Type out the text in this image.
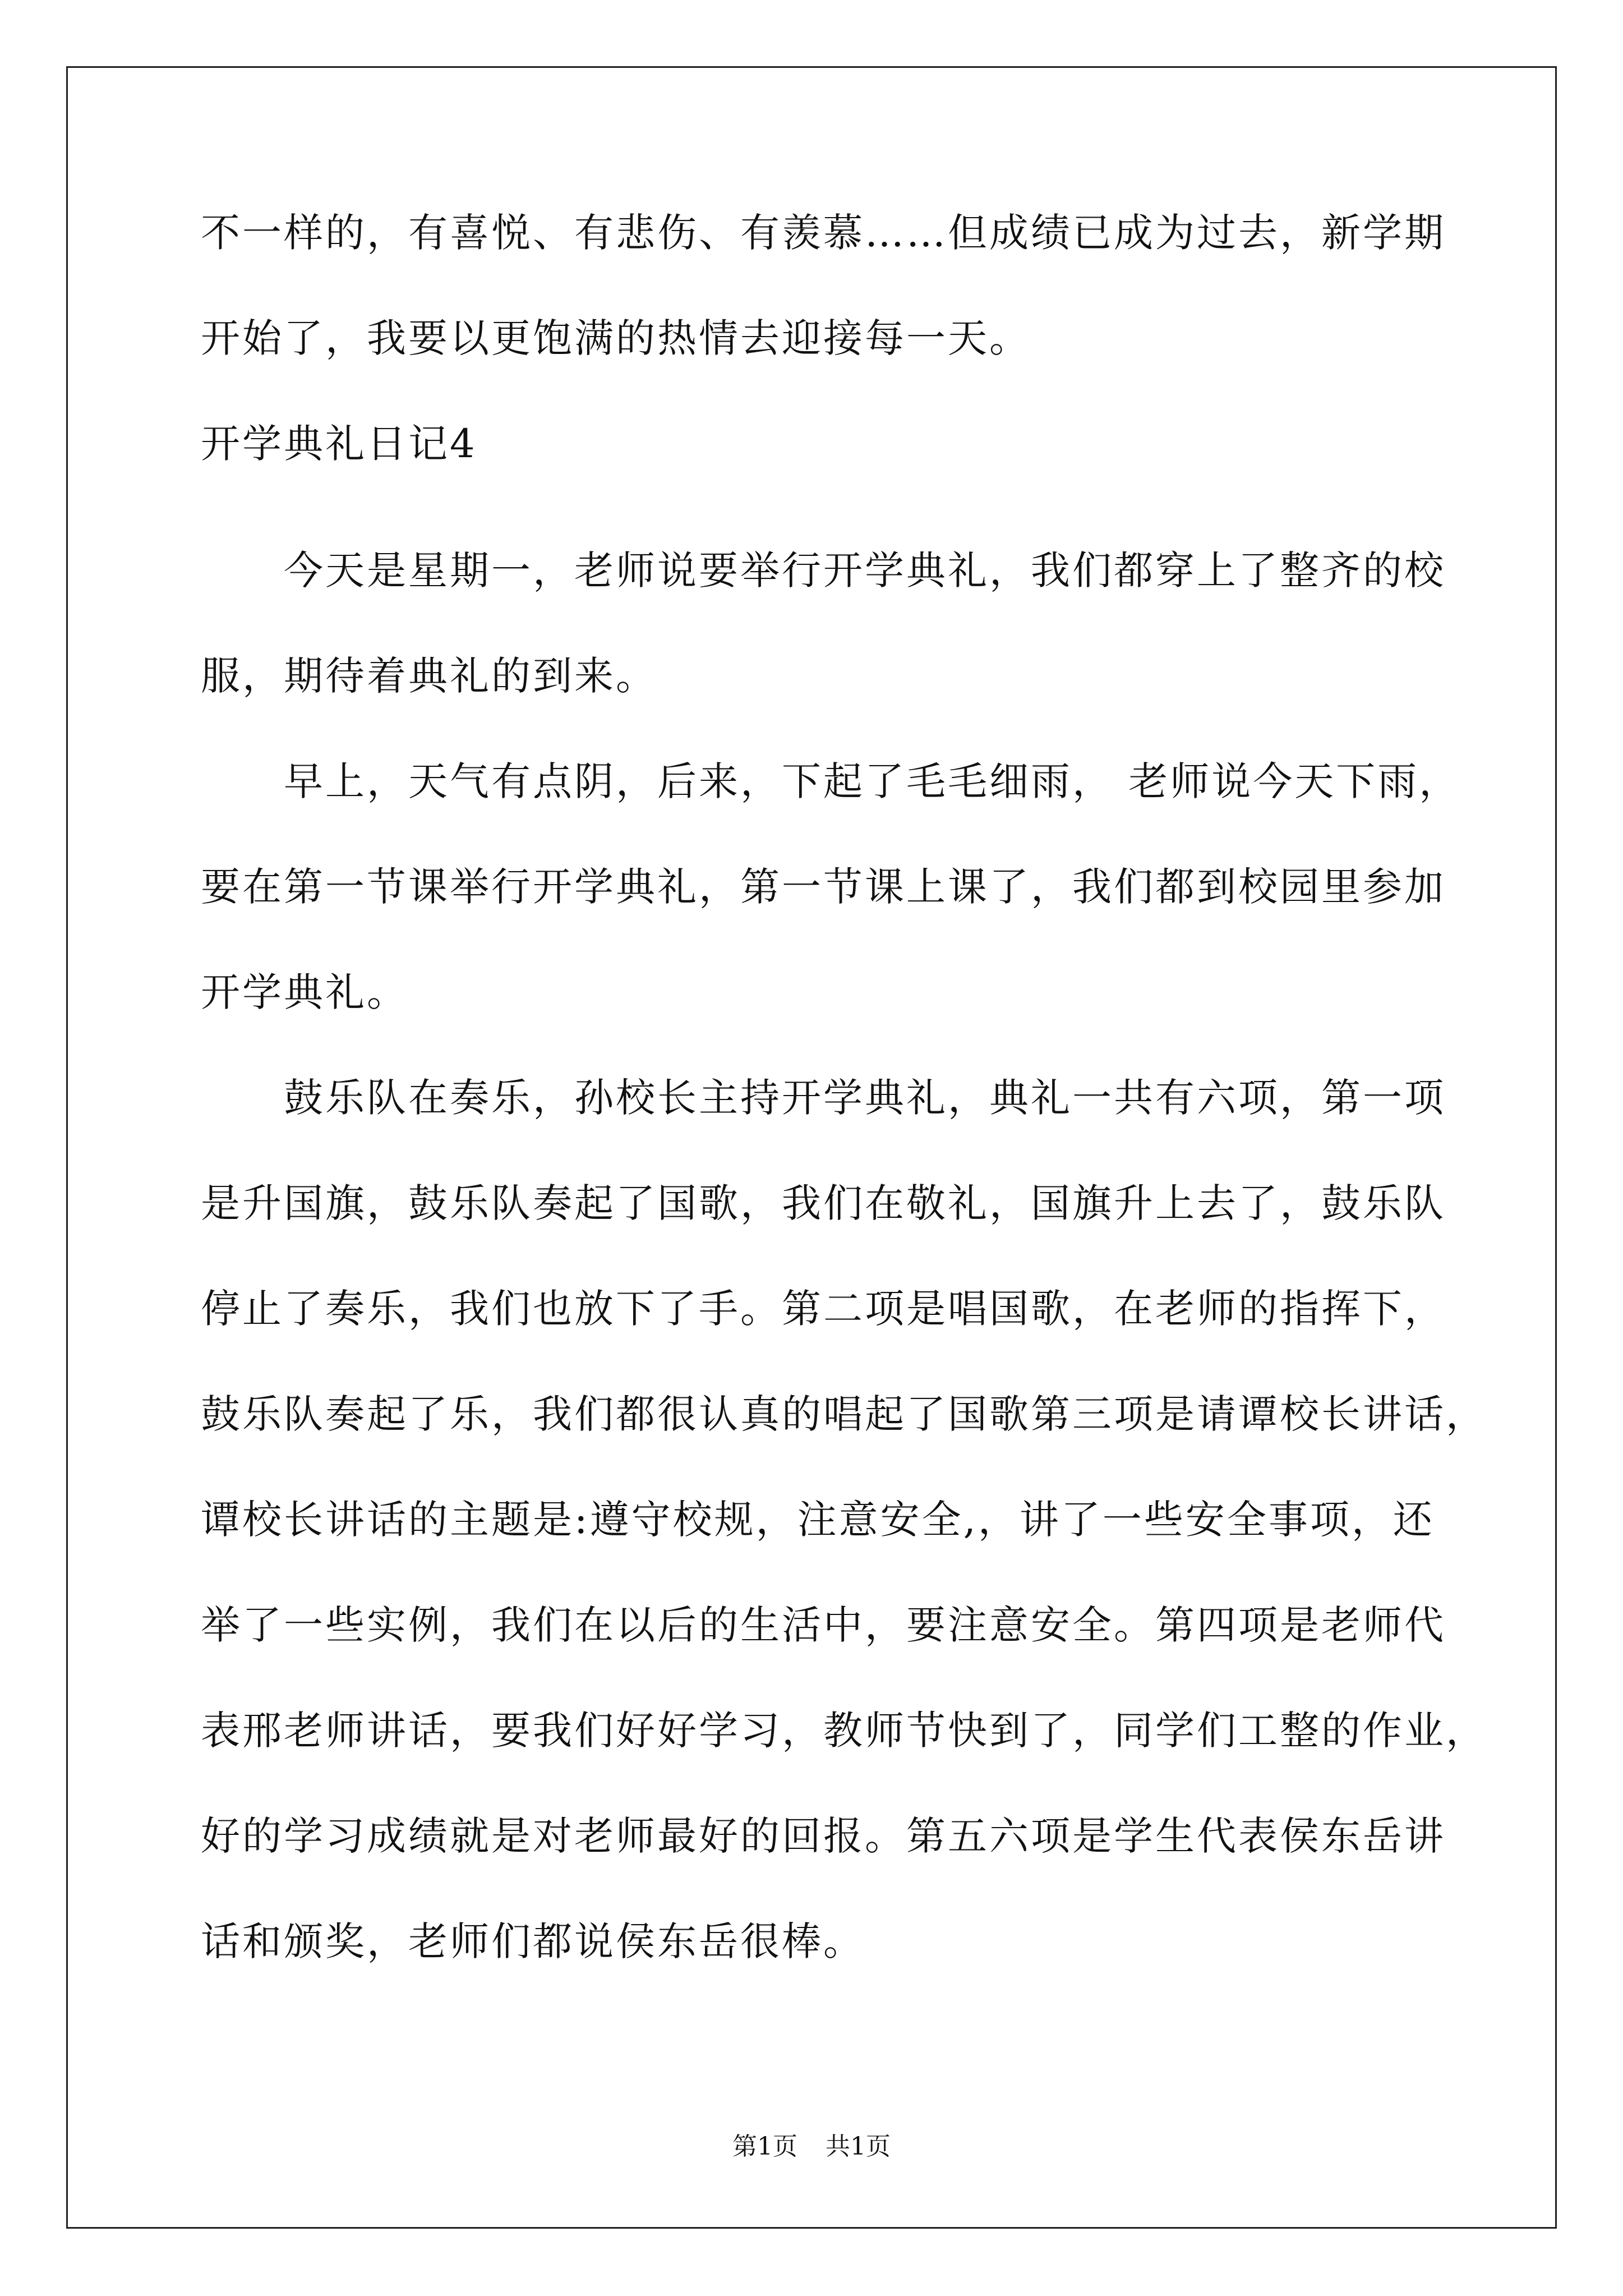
不一样的，有喜悦、有悲伤、有羡慕……但成绩已成为过去，新学期

开始了，我要以更饱满的热情去迎接每一天。

开学典礼日记4

今天是星期一，老师说要举行开学典礼，我们都穿上了整齐的校

服，期待着典礼的到来。

早上，天气有点阴，后来，下起了毛毛细雨， 老师说今天下雨，

要在第一节课举行开学典礼，第一节课上课了，我们都到校园里参加

开学典礼。

鼓乐队在奏乐，孙校长主持开学典礼，典礼一共有六项，第一项

是升国旗，鼓乐队奏起了国歌，我们在敬礼，国旗升上去了，鼓乐队

停止了奏乐，我们也放下了手。第二项是唱国歌，在老师的指挥下，

鼓乐队奏起了乐，我们都很认真的唱起了国歌第三项是请谭校长讲话，

谭校长讲话的主题是:遵守校规，注意安全,，讲了一些安全事项，还

举了一些实例，我们在以后的生活中，要注意安全。第四项是老师代

表邢老师讲话，要我们好好学习，教师节快到了，同学们工整的作业，

好的学习成绩就是对老师最好的回报。第五六项是学生代表侯东岳讲

话和颁奖，老师们都说侯东岳很棒。

第1页 共1页
